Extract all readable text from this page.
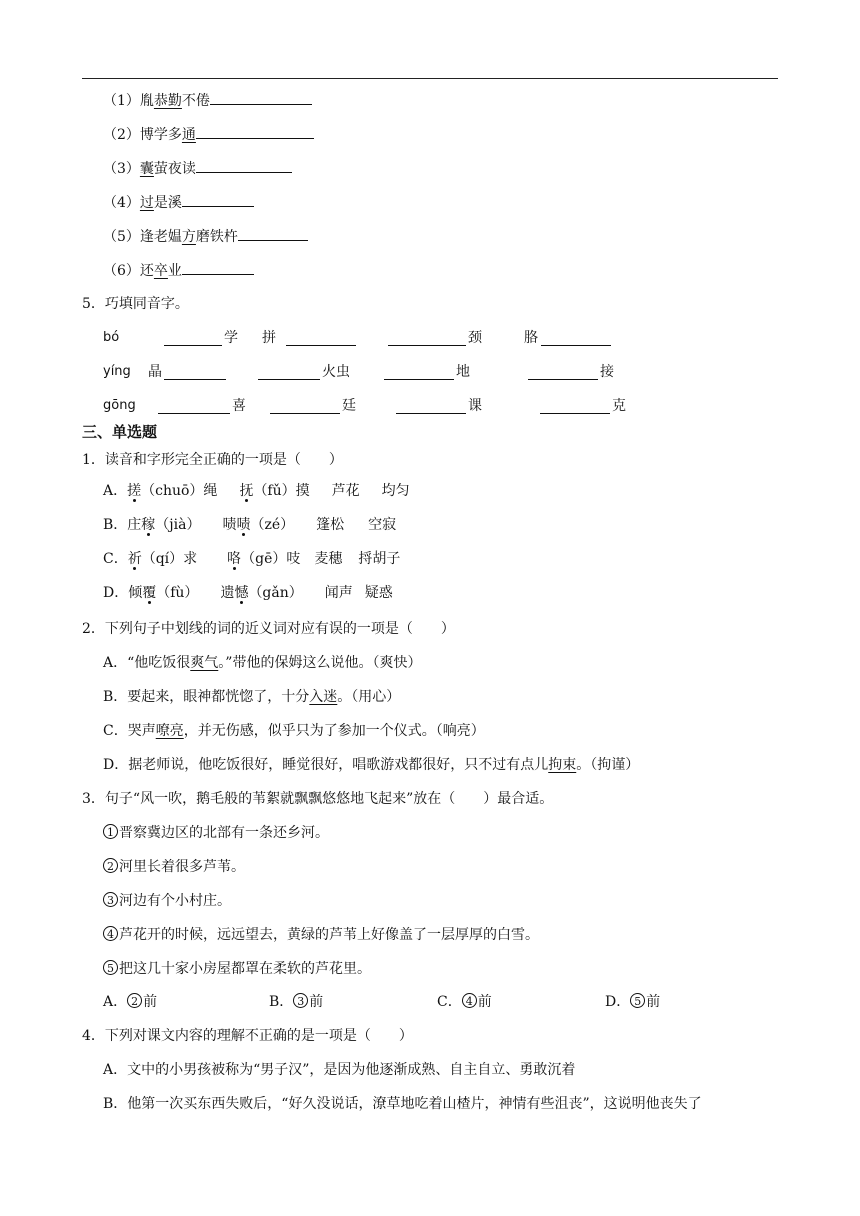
（1）胤恭勤不倦
（2）博学多通
（3）囊萤夜读
（4）过是溪
（5）逢老媪方磨铁杵
（6）还卒业
5．巧填同音字。
bó	学 拼	颈	胳
yíng 晶	火虫	地	接
gōng	喜	廷	课	克
三、单选题
1．读音和字形完全正确的一项是（　　）
A．搓（chuō）绳 抚（fǔ）摸 芦花 均匀
B．庄稼（jià） 啧啧（zé） 篷松 空寂
C．祈（qí）求 咯（gē）吱 麦穗 捋胡子
D．倾覆（fù） 遗憾（gǎn） 闻声 疑惑
2．下列句子中划线的词的近义词对应有误的一项是（　　）
A．“他吃饭很爽气。”带他的保姆这么说他。（爽快）
B．要起来，眼神都恍惚了，十分入迷。（用心）
C．哭声嘹亮，并无伤感，似乎只为了参加一个仪式。（响亮）
D．据老师说，他吃饭很好，睡觉很好，唱歌游戏都很好，只不过有点儿拘束。（拘谨）
3．句子“风一吹，鹅毛般的苇絮就飘飘悠悠地飞起来”放在（　　）最合适。
1 晋察冀边区的北部有一条还乡河。
2 河里长着很多芦苇。
3 河边有个小村庄。
4 芦花开的时候，远远望去，黄绿的芦苇上好像盖了一层厚厚的白雪。
5 把这几十家小房屋都罩在柔软的芦花里。
A． 2 前	B． 3 前	C． 4 前	D． 5 前
4．下列对课文内容的理解不正确的是一项是（　　）
A．文中的小男孩被称为“男子汉”，是因为他逐渐成熟、自主自立、勇敢沉着
B．他第一次买东西失败后，“好久没说话，潦草地吃着山楂片，神情有些沮丧”，这说明他丧失了
